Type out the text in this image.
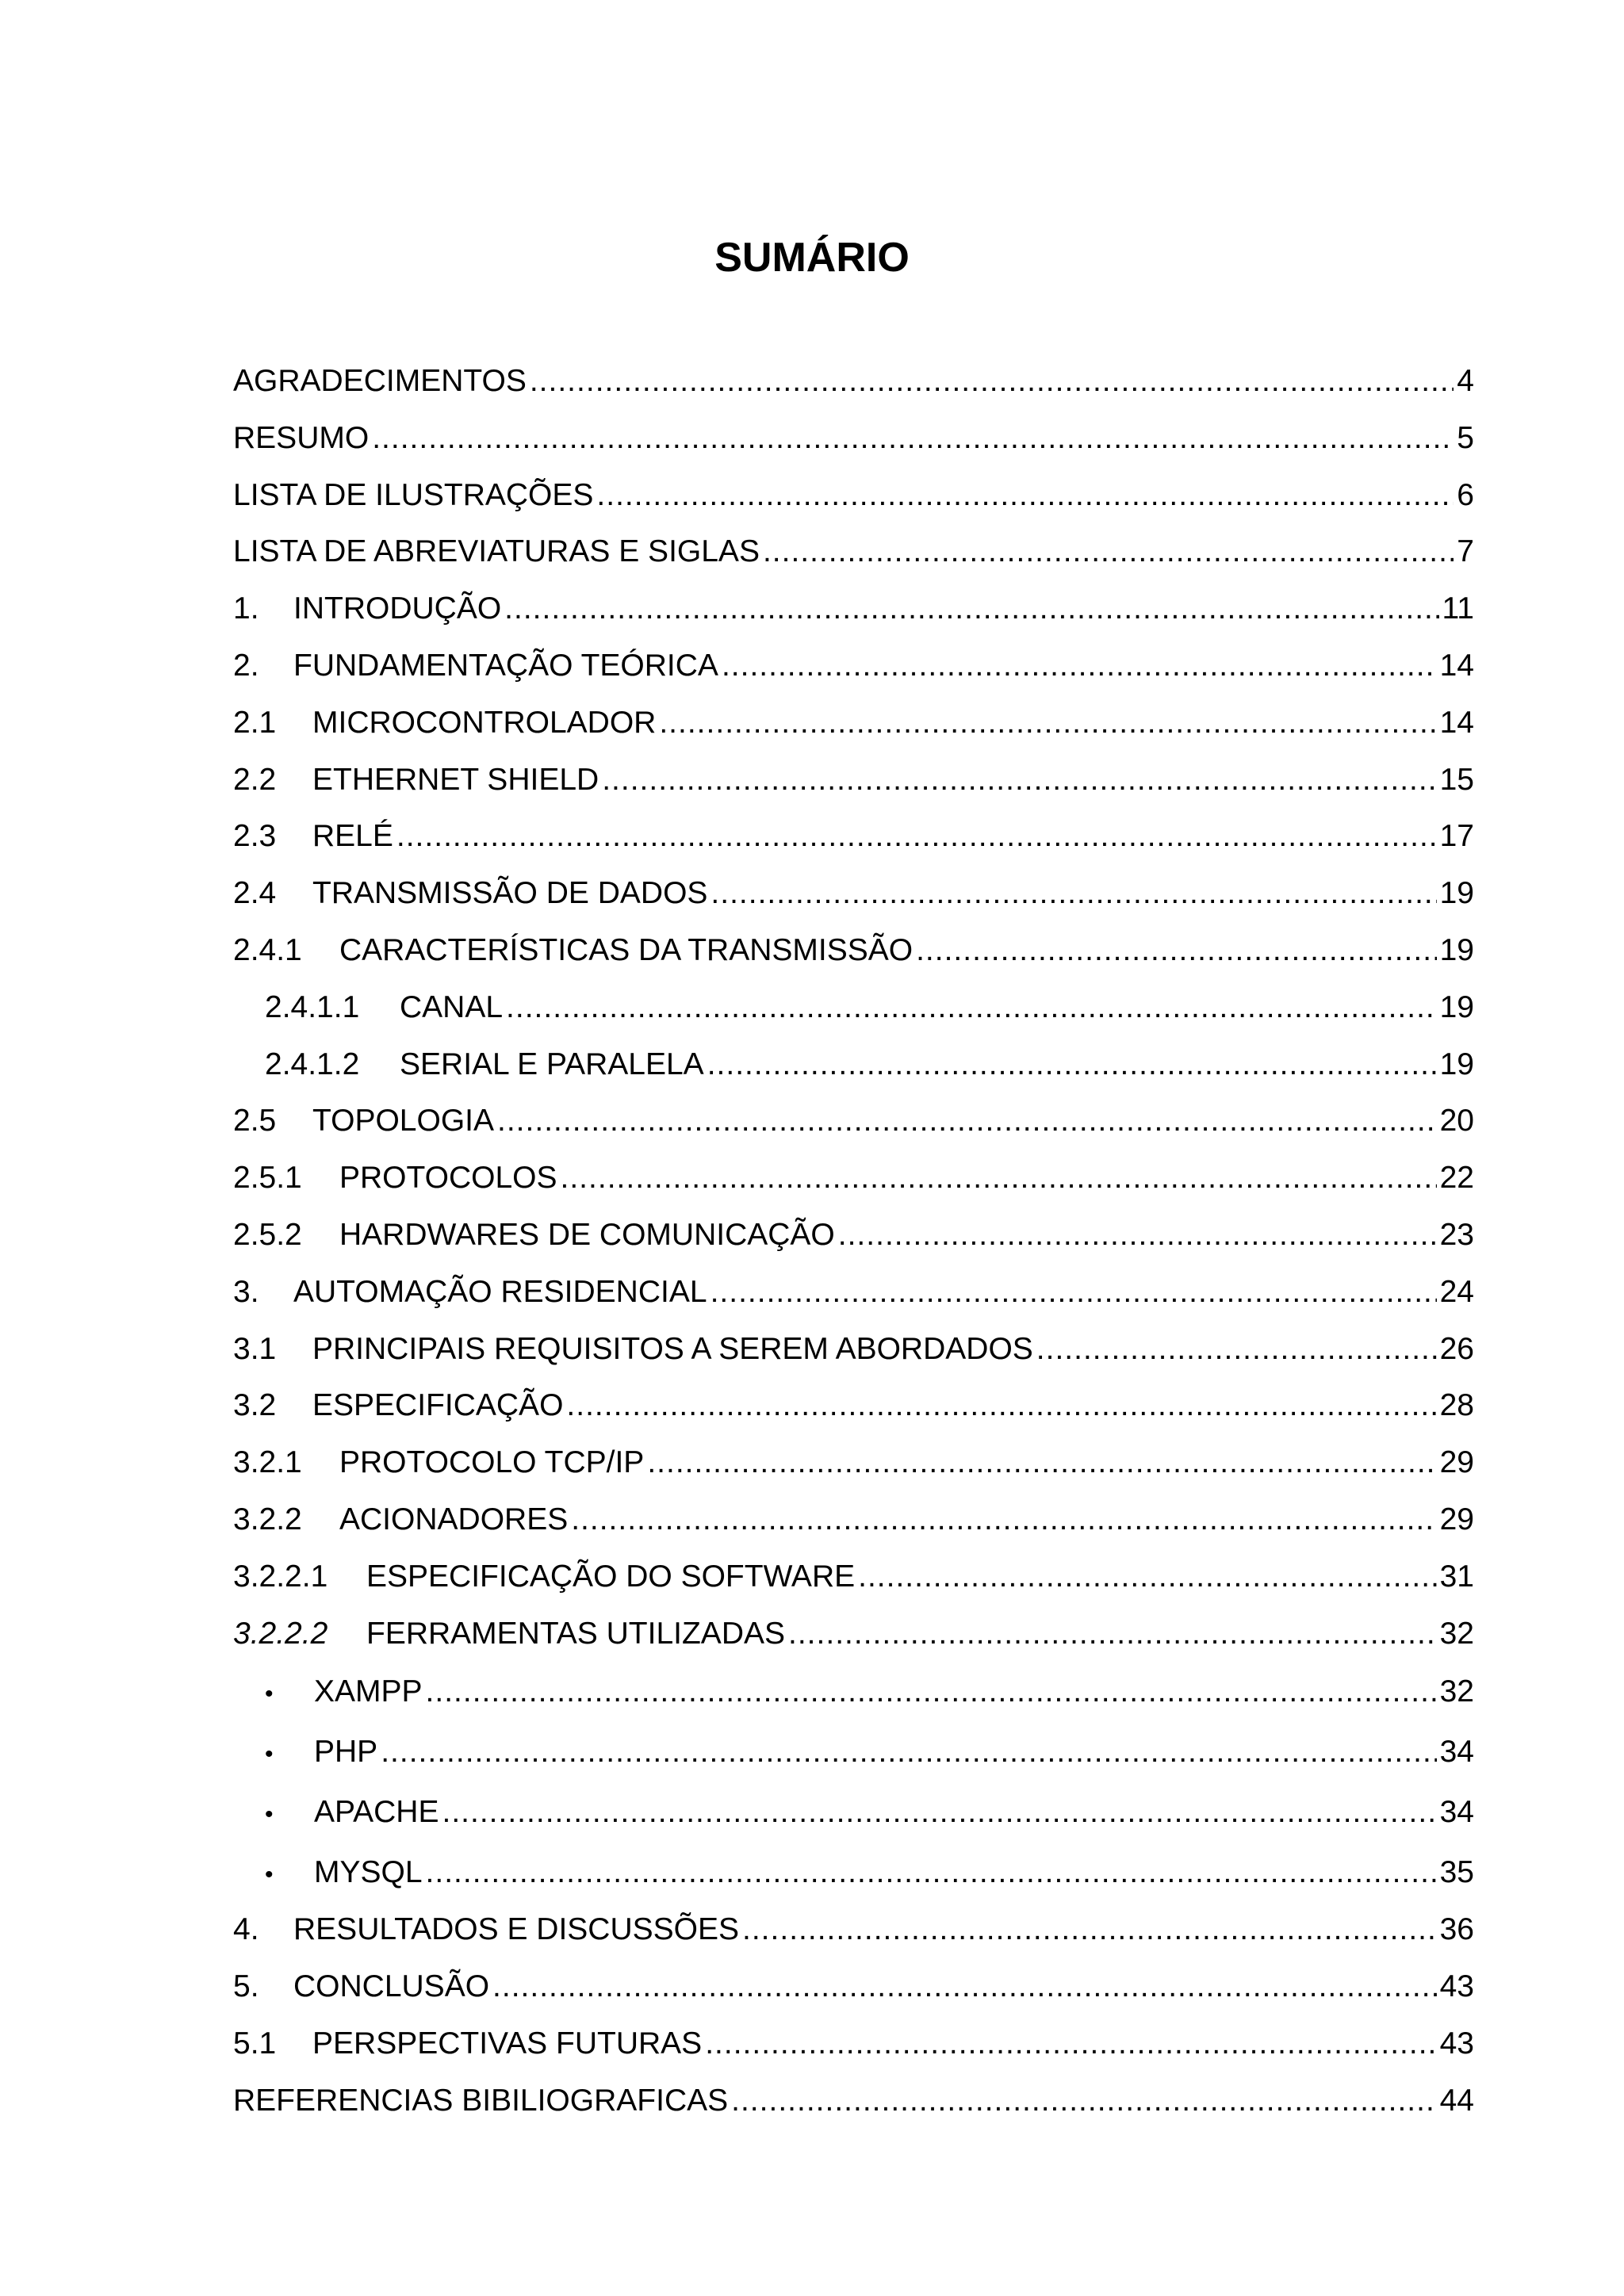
SUMÁRIO
AGRADECIMENTOS .....	4
RESUMO .....	5
LISTA DE ILUSTRAÇÕES .....	6
LISTA DE ABREVIATURAS E SIGLAS .....	7
1.	INTRODUÇÃO .....	11
2.	FUNDAMENTAÇÃO TEÓRICA .....	14
2.1	MICROCONTROLADOR .....	14
2.2	ETHERNET SHIELD .....	15
2.3	RELÉ .....	17
2.4	TRANSMISSÃO DE DADOS .....	19
2.4.1	CARACTERÍSTICAS DA TRANSMISSÃO .....	19
2.4.1.1	CANAL .....	19
2.4.1.2	SERIAL E PARALELA .....	19
2.5	TOPOLOGIA .....	20
2.5.1	PROTOCOLOS .....	22
2.5.2	HARDWARES DE COMUNICAÇÃO .....	23
3.	AUTOMAÇÃO RESIDENCIAL .....	24
3.1	PRINCIPAIS REQUISITOS A SEREM ABORDADOS .....	26
3.2	ESPECIFICAÇÃO .....	28
3.2.1	PROTOCOLO TCP/IP .....	29
3.2.2	ACIONADORES .....	29
3.2.2.1	ESPECIFICAÇÃO DO SOFTWARE .....	31
3.2.2.2	FERRAMENTAS UTILIZADAS .....	32
•	XAMPP .....	32
•	PHP .....	34
•	APACHE .....	34
•	MYSQL .....	35
4.	RESULTADOS E DISCUSSÕES .....	36
5.	CONCLUSÃO .....	43
5.1	PERSPECTIVAS FUTURAS .....	43
REFERENCIAS BIBILIOGRAFICAS .....	44
